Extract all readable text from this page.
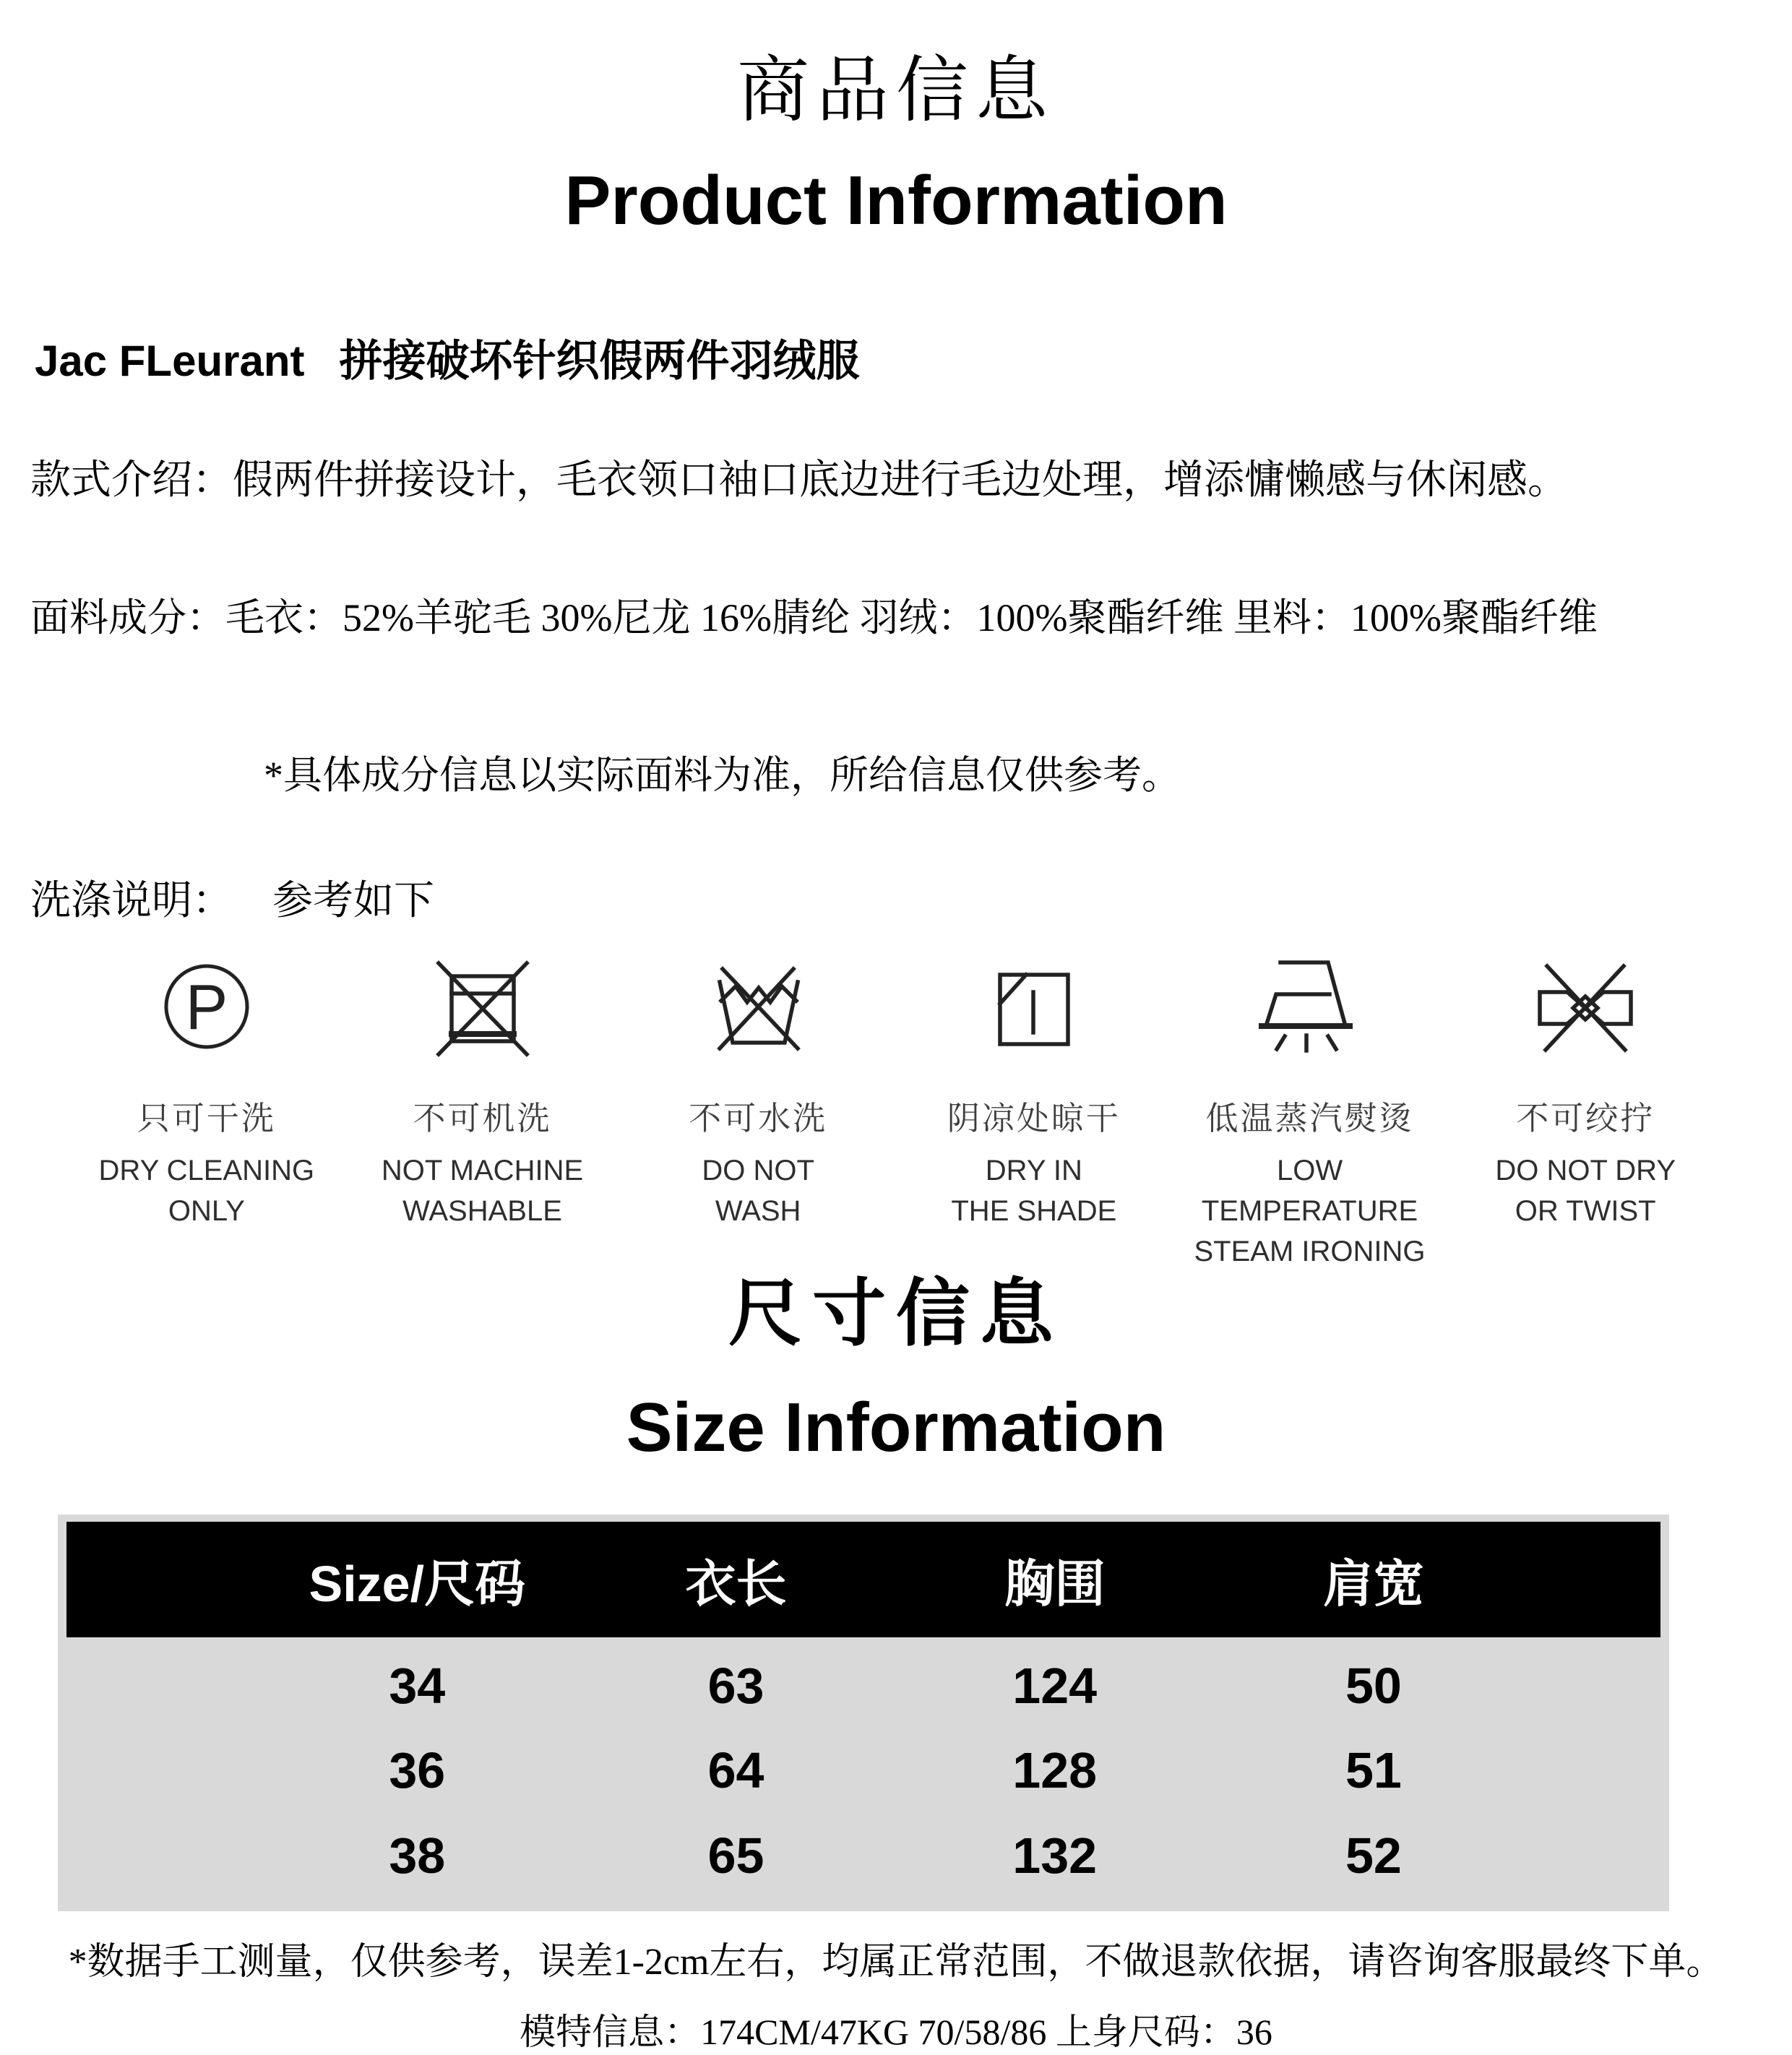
商品信息
Product Information
Jac FLeurant 拼接破坏针织假两件羽绒服
款式介绍：假两件拼接设计，毛衣领口袖口底边进行毛边处理，增添慵懒感与休闲感。
面料成分：毛衣：52%羊驼毛 30%尼龙 16%腈纶 羽绒：100%聚酯纤维 里料：100%聚酯纤维
*具体成分信息以实际面料为准，所给信息仅供参考。
洗涤说明： 参考如下
P
只可干洗
DRY CLEANING
ONLY
不可机洗
NOT MACHINE
WASHABLE
不可水洗
DO NOT
WASH
阴凉处晾干
DRY IN
THE SHADE
低温蒸汽熨烫
LOW TEMPERATURE
STEAM IRONING
不可绞拧
DO NOT DRY
OR TWIST
尺寸信息
Size Information
Size/尺码	衣长	胸围	肩宽
34	63	124	50
36	64	128	51
38	65	132	52
*数据手工测量，仅供参考，误差1-2cm左右，均属正常范围，不做退款依据，请咨询客服最终下单。
模特信息：174CM/47KG 70/58/86 上身尺码：36
